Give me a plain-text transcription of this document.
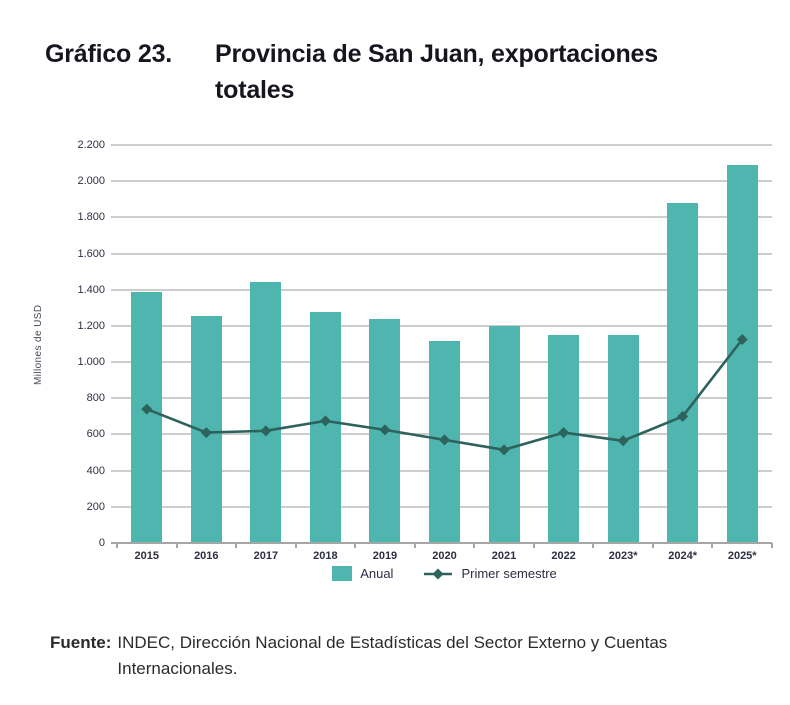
Gráfico 23.	Provincia de San Juan, exportaciones
totales
Millones de USD
0
200
400
600
800
1.000
1.200
1.400
1.600
1.800
2.000
2.200
2015	2016	2017	2018	2019	2020	2021	2022	2023*	2024*	2025*
Anual	Primer semestre
Fuente: INDEC, Dirección Nacional de Estadísticas del Sector Externo y Cuentas Internacionales.
